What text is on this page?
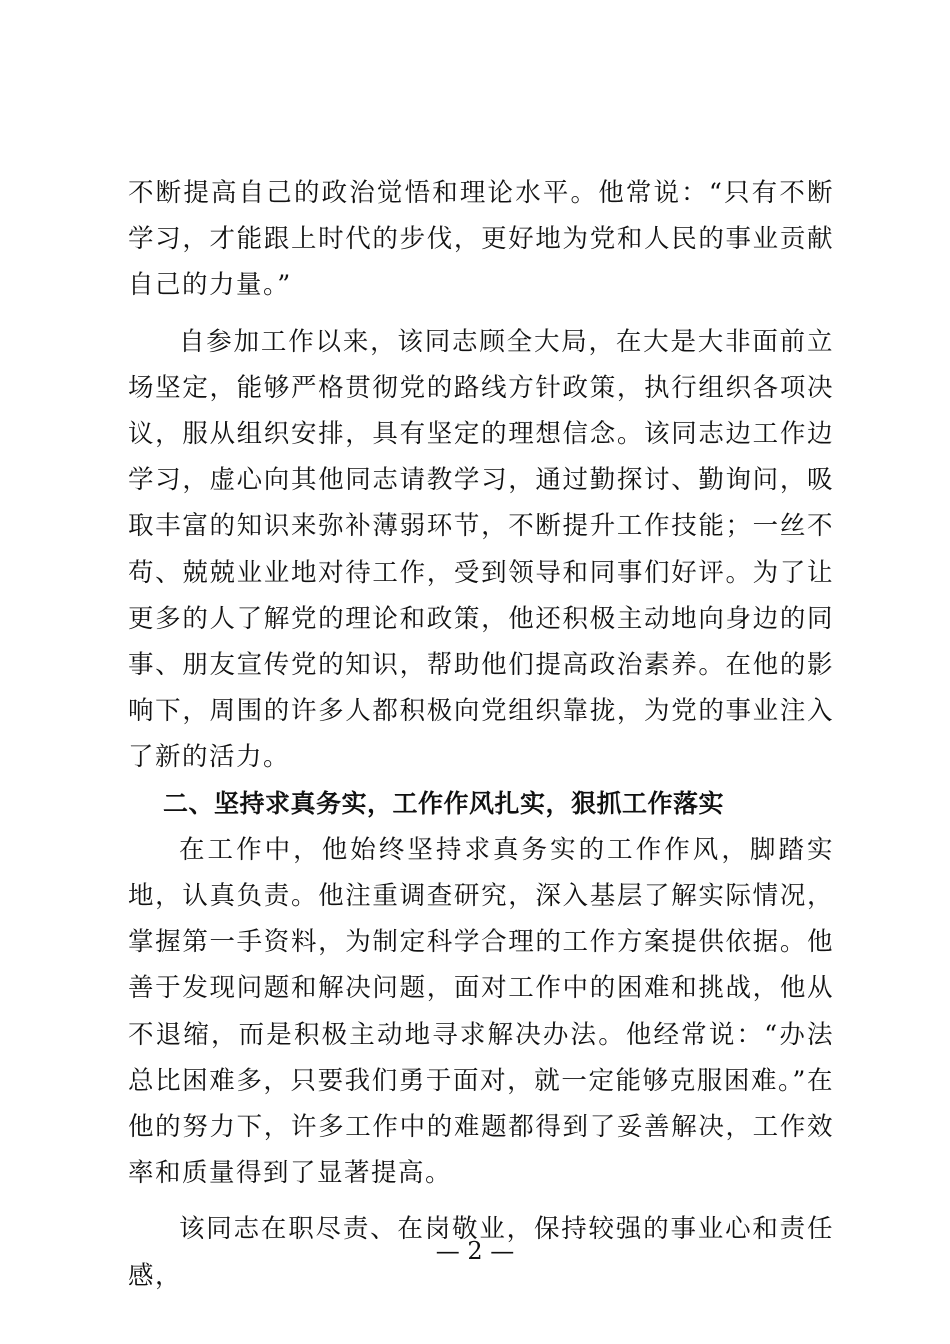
不断提高自己的政治觉悟和理论水平。他常说：“只有不断学习，才能跟上时代的步伐，更好地为党和人民的事业贡献自己的力量。”

自参加工作以来，该同志顾全大局，在大是大非面前立场坚定，能够严格贯彻党的路线方针政策，执行组织各项决议，服从组织安排，具有坚定的理想信念。该同志边工作边学习，虚心向其他同志请教学习，通过勤探讨、勤询问，吸取丰富的知识来弥补薄弱环节，不断提升工作技能；一丝不苟、兢兢业业地对待工作，受到领导和同事们好评。为了让更多的人了解党的理论和政策，他还积极主动地向身边的同事、朋友宣传党的知识，帮助他们提高政治素养。在他的影响下，周围的许多人都积极向党组织靠拢，为党的事业注入了新的活力。

二、坚持求真务实，工作作风扎实，狠抓工作落实

在工作中，他始终坚持求真务实的工作作风，脚踏实地，认真负责。他注重调查研究，深入基层了解实际情况，掌握第一手资料，为制定科学合理的工作方案提供依据。他善于发现问题和解决问题，面对工作中的困难和挑战，他从不退缩，而是积极主动地寻求解决办法。他经常说：“办法总比困难多，只要我们勇于面对，就一定能够克服困难。”在他的努力下，许多工作中的难题都得到了妥善解决，工作效率和质量得到了显著提高。

该同志在职尽责、在岗敬业，保持较强的事业心和责任感，

— 2 —
